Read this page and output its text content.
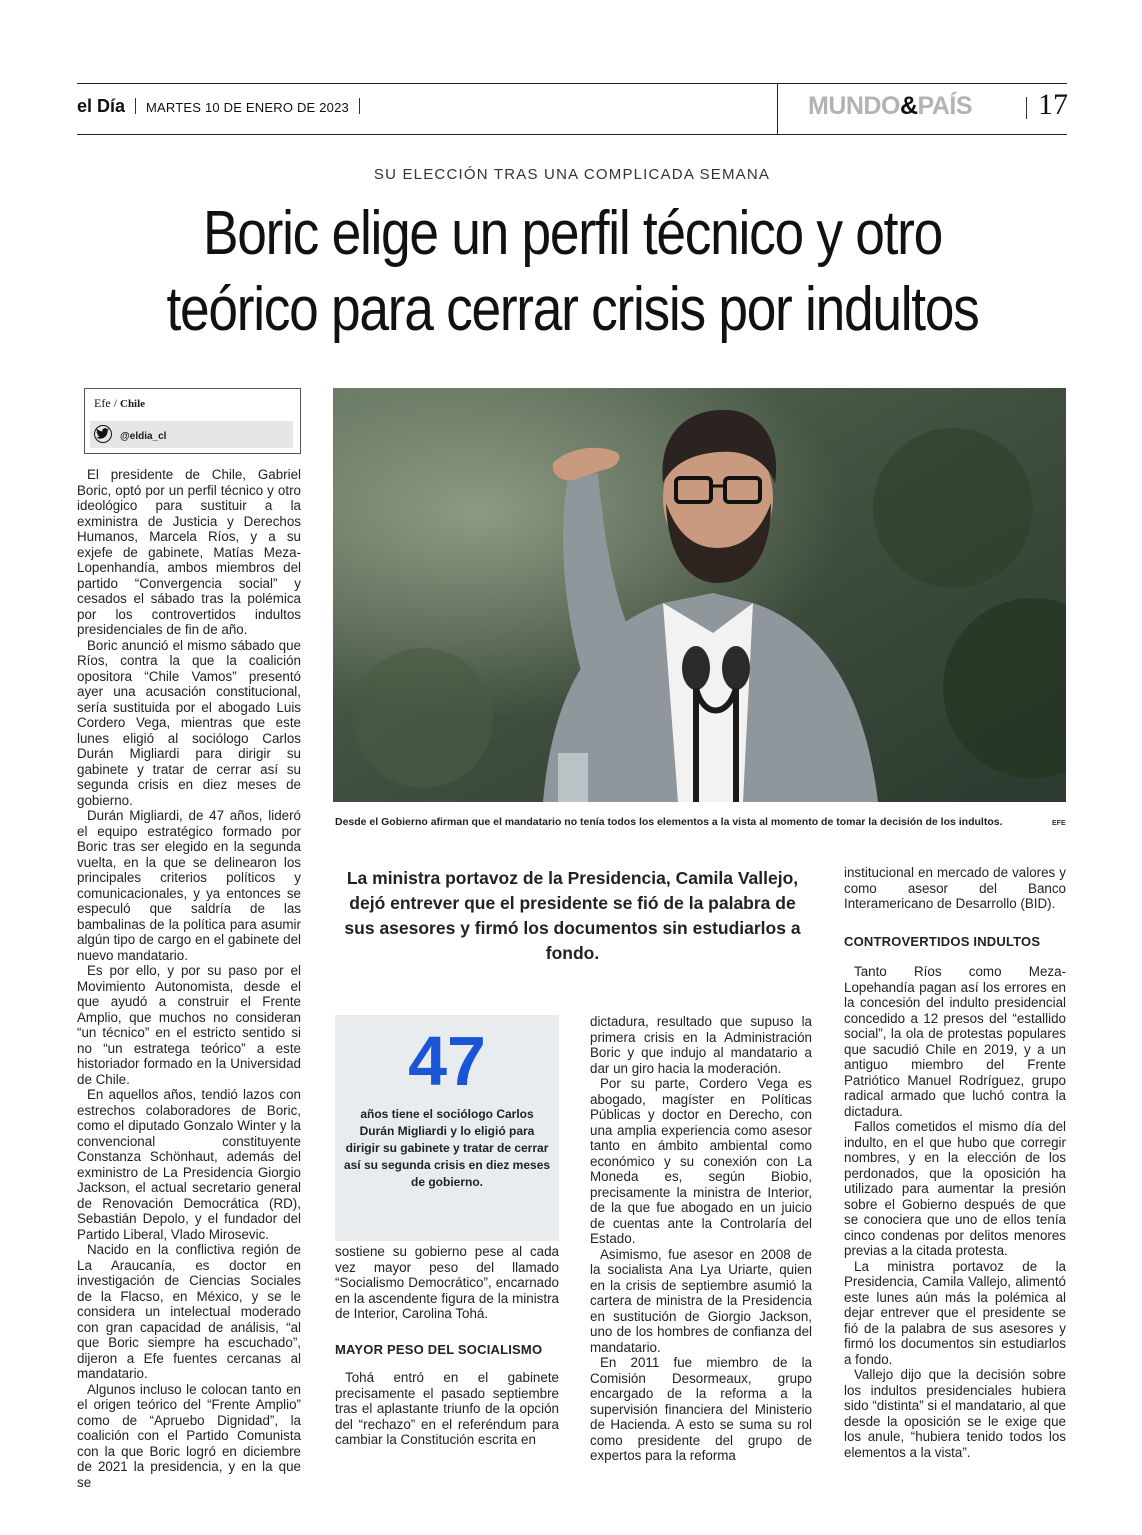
el Día MARTES 10 DE ENERO DE 2023	MUNDO&PAÍS 17
SU ELECCIÓN TRAS UNA COMPLICADA SEMANA
Boric elige un perfil técnico y otro
teórico para cerrar crisis por indultos
Efe / Chile
@eldia_cl

El presidente de Chile, Gabriel Boric, optó por un perfil técnico y otro ideológico para sustituir a la exministra de Justicia y Derechos Humanos, Marcela Ríos, y a su exjefe de gabinete, Matías Meza-Lopenhandía, ambos miembros del partido “Convergencia social” y cesados el sábado tras la polémica por los controvertidos indultos presidenciales de fin de año.

Boric anunció el mismo sábado que Ríos, contra la que la coalición opositora “Chile Vamos” presentó ayer una acusación constitucional, sería sustituida por el abogado Luis Cordero Vega, mientras que este lunes eligió al sociólogo Carlos Durán Migliardi para dirigir su gabinete y tratar de cerrar así su segunda crisis en diez meses de gobierno.

Durán Migliardi, de 47 años, lideró el equipo estratégico formado por Boric tras ser elegido en la segunda vuelta, en la que se delinearon los principales criterios políticos y comunicacionales, y ya entonces se especuló que saldría de las bambalinas de la política para asumir algún tipo de cargo en el gabinete del nuevo mandatario.

Es por ello, y por su paso por el Movimiento Autonomista, desde el que ayudó a construir el Frente Amplio, que muchos no consideran “un técnico” en el estricto sentido si no “un estratega teórico” a este historiador formado en la Universidad de Chile.

En aquellos años, tendió lazos con estrechos colaboradores de Boric, como el diputado Gonzalo Winter y la convencional constituyente Constanza Schönhaut, además del exministro de La Presidencia Giorgio Jackson, el actual secretario general de Renovación Democrática (RD), Sebastián Depolo, y el fundador del Partido Liberal, Vlado Mirosevic.

Nacido en la conflictiva región de La Araucanía, es doctor en investigación de Ciencias Sociales de la Flacso, en México, y se le considera un intelectual moderado con gran capacidad de análisis, “al que Boric siempre ha escuchado”, dijeron a Efe fuentes cercanas al mandatario.

Algunos incluso le colocan tanto en el origen teórico del “Frente Amplio” como de “Apruebo Dignidad”, la coalición con el Partido Comunista con la que Boric logró en diciembre de 2021 la presidencia, y en la que se

Desde el Gobierno afirman que el mandatario no tenía todos los elementos a la vista al momento de tomar la decisión de los indultos.	EFE
La ministra portavoz de la Presidencia, Camila Vallejo, dejó entrever que el presidente se fió de la palabra de sus asesores y firmó los documentos sin estudiarlos a fondo.
47
años tiene el sociólogo Carlos Durán Migliardi y lo eligió para dirigir su gabinete y tratar de cerrar así su segunda crisis en diez meses de gobierno.

sostiene su gobierno pese al cada vez mayor peso del llamado “Socialismo Democrático”, encarnado en la ascendente figura de la ministra de Interior, Carolina Tohá.

MAYOR PESO DEL SOCIALISMO

Tohá entró en el gabinete precisamente el pasado septiembre tras el aplastante triunfo de la opción del “rechazo” en el referéndum para cambiar la Constitución escrita en

dictadura, resultado que supuso la primera crisis en la Administración Boric y que indujo al mandatario a dar un giro hacia la moderación.

Por su parte, Cordero Vega es abogado, magíster en Políticas Públicas y doctor en Derecho, con una amplia experiencia como asesor tanto en ámbito ambiental como económico y su conexión con La Moneda es, según Biobio, precisamente la ministra de Interior, de la que fue abogado en un juicio de cuentas ante la Controlaría del Estado.

Asimismo, fue asesor en 2008 de la socialista Ana Lya Uriarte, quien en la crisis de septiembre asumió la cartera de ministra de la Presidencia en sustitución de Giorgio Jackson, uno de los hombres de confianza del mandatario.

En 2011 fue miembro de la Comisión Desormeaux, grupo encargado de la reforma a la supervisión financiera del Ministerio de Hacienda. A esto se suma su rol como presidente del grupo de expertos para la reforma

institucional en mercado de valores y como asesor del Banco Interamericano de Desarrollo (BID).

CONTROVERTIDOS INDULTOS

Tanto Ríos como Meza-Lopehandía pagan así los errores en la concesión del indulto presidencial concedido a 12 presos del “estallido social”, la ola de protestas populares que sacudió Chile en 2019, y a un antiguo miembro del Frente Patriótico Manuel Rodríguez, grupo radical armado que luchó contra la dictadura.

Fallos cometidos el mismo día del indulto, en el que hubo que corregir nombres, y en la elección de los perdonados, que la oposición ha utilizado para aumentar la presión sobre el Gobierno después de que se conociera que uno de ellos tenía cinco condenas por delitos menores previas a la citada protesta.

La ministra portavoz de la Presidencia, Camila Vallejo, alimentó este lunes aún más la polémica al dejar entrever que el presidente se fió de la palabra de sus asesores y firmó los documentos sin estudiarlos a fondo.

Vallejo dijo que la decisión sobre los indultos presidenciales hubiera sido “distinta” si el mandatario, al que desde la oposición se le exige que los anule, “hubiera tenido todos los elementos a la vista”.
